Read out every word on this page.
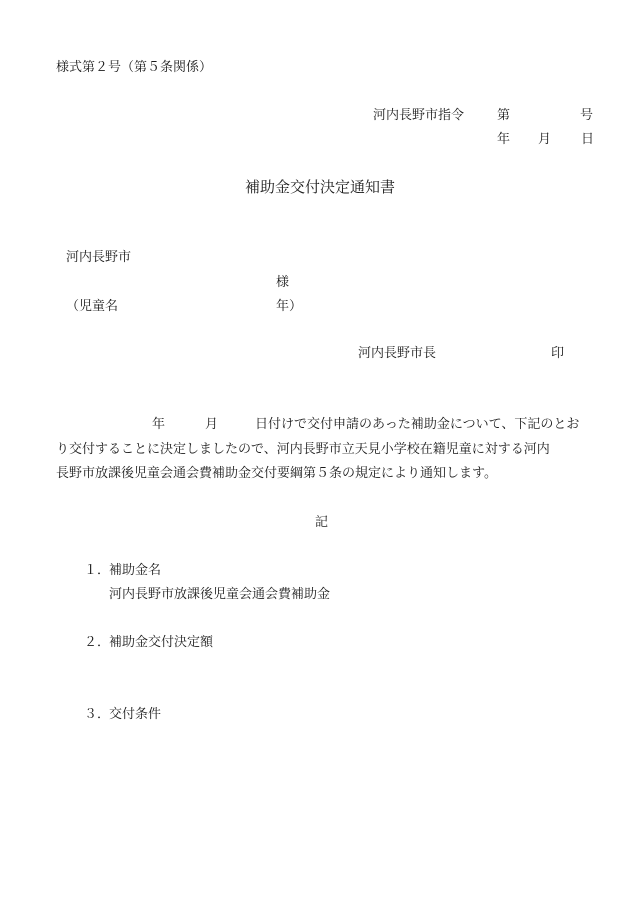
様式第２号（第５条関係）
河内長野市指令	第	号
年 月 日
補助金交付決定通知書
河内長野市
様
（児童名	年）
河内長野市長	印
年	月	日付けで交付申請のあった補助金について、下記のとお
り交付することに決定しましたので、河内長野市立天見小学校在籍児童に対する河内
長野市放課後児童会通会費補助金交付要綱第５条の規定により通知します。
記
１．
補助金名
河内長野市放課後児童会通会費補助金
２．
補助金交付決定額
３．
交付条件
